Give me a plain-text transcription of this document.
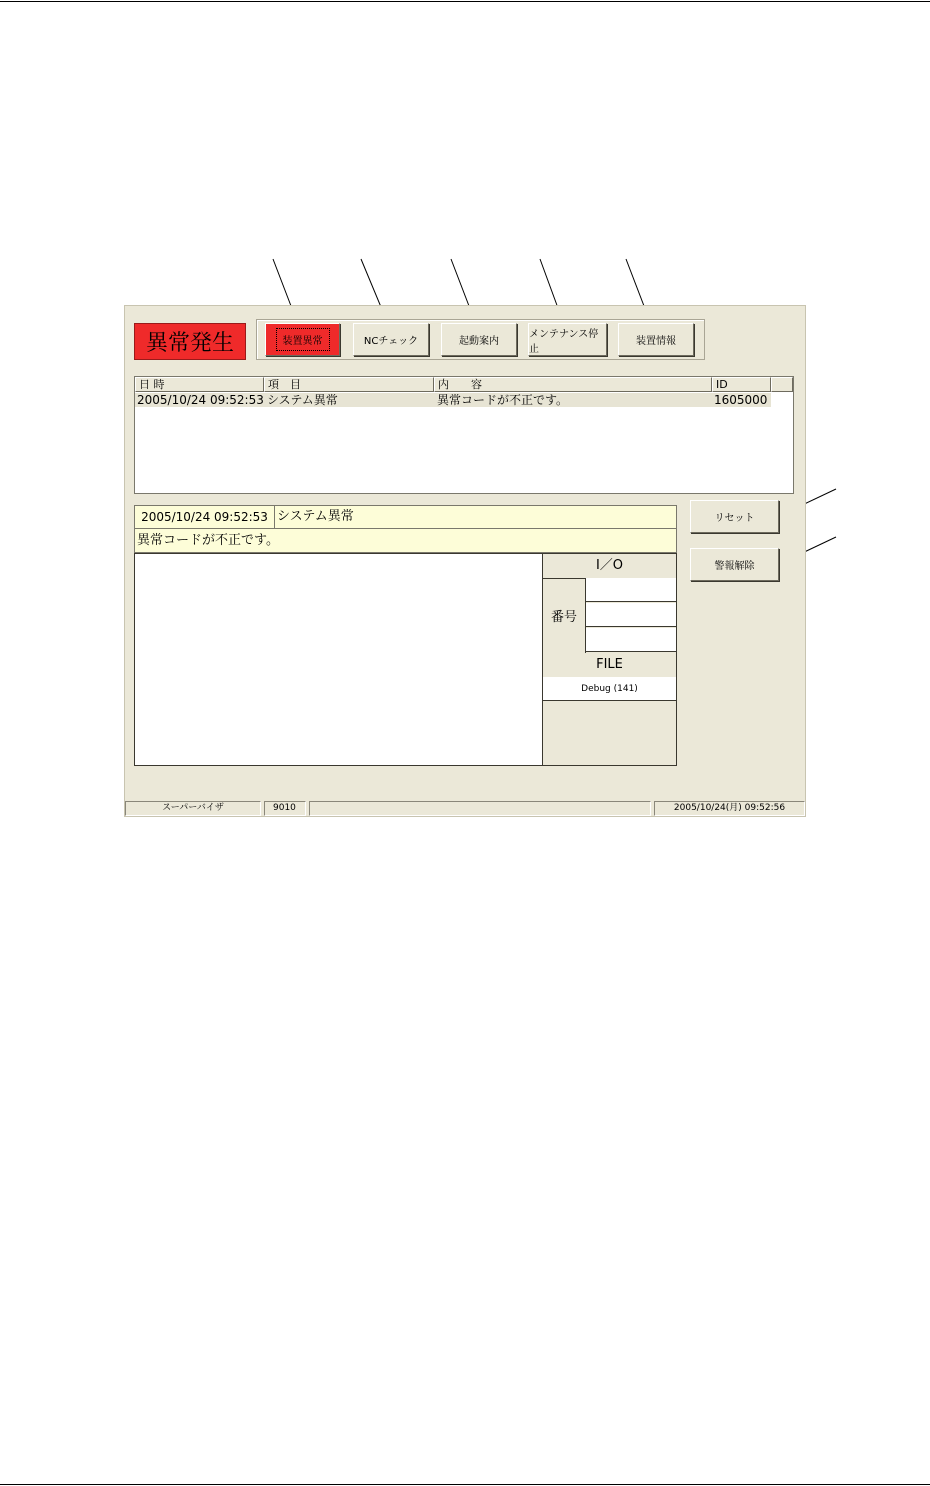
異常発生	装置異常	NCチェック	起動案内
メンテナンス停止
装置情報
日 時	項　目	内　　容	ID
2005/10/24 09:52:53 システム異常	異常コードが不正です。	1605000
2005/10/24 09:52:53 システム異常
異常コードが不正です。
I／O
番号
FILE
Debug (141)
リセット
警報解除
スーパーバイザ	9010	2005/10/24(月) 09:52:56
